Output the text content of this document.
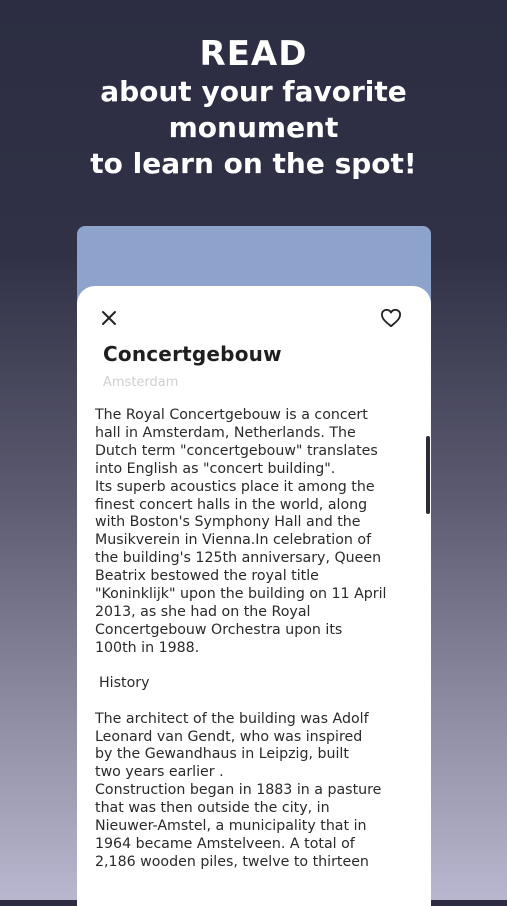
READ
about your favorite
monument
to learn on the spot!
Concertgebouw
Amsterdam

The Royal Concertgebouw is a concert
hall in Amsterdam, Netherlands. The
Dutch term "concertgebouw" translates
into English as "concert building".
Its superb acoustics place it among the
finest concert halls in the world, along
with Boston's Symphony Hall and the
Musikverein in Vienna.In celebration of
the building's 125th anniversary, Queen
Beatrix bestowed the royal title
"Koninklijk" upon the building on 11 April
2013, as she had on the Royal
Concertgebouw Orchestra upon its
100th in 1988.

History

The architect of the building was Adolf
Leonard van Gendt, who was inspired
by the Gewandhaus in Leipzig, built
two years earlier .
Construction began in 1883 in a pasture
that was then outside the city, in
Nieuwer-Amstel, a municipality that in
1964 became Amstelveen. A total of
2,186 wooden piles, twelve to thirteen
